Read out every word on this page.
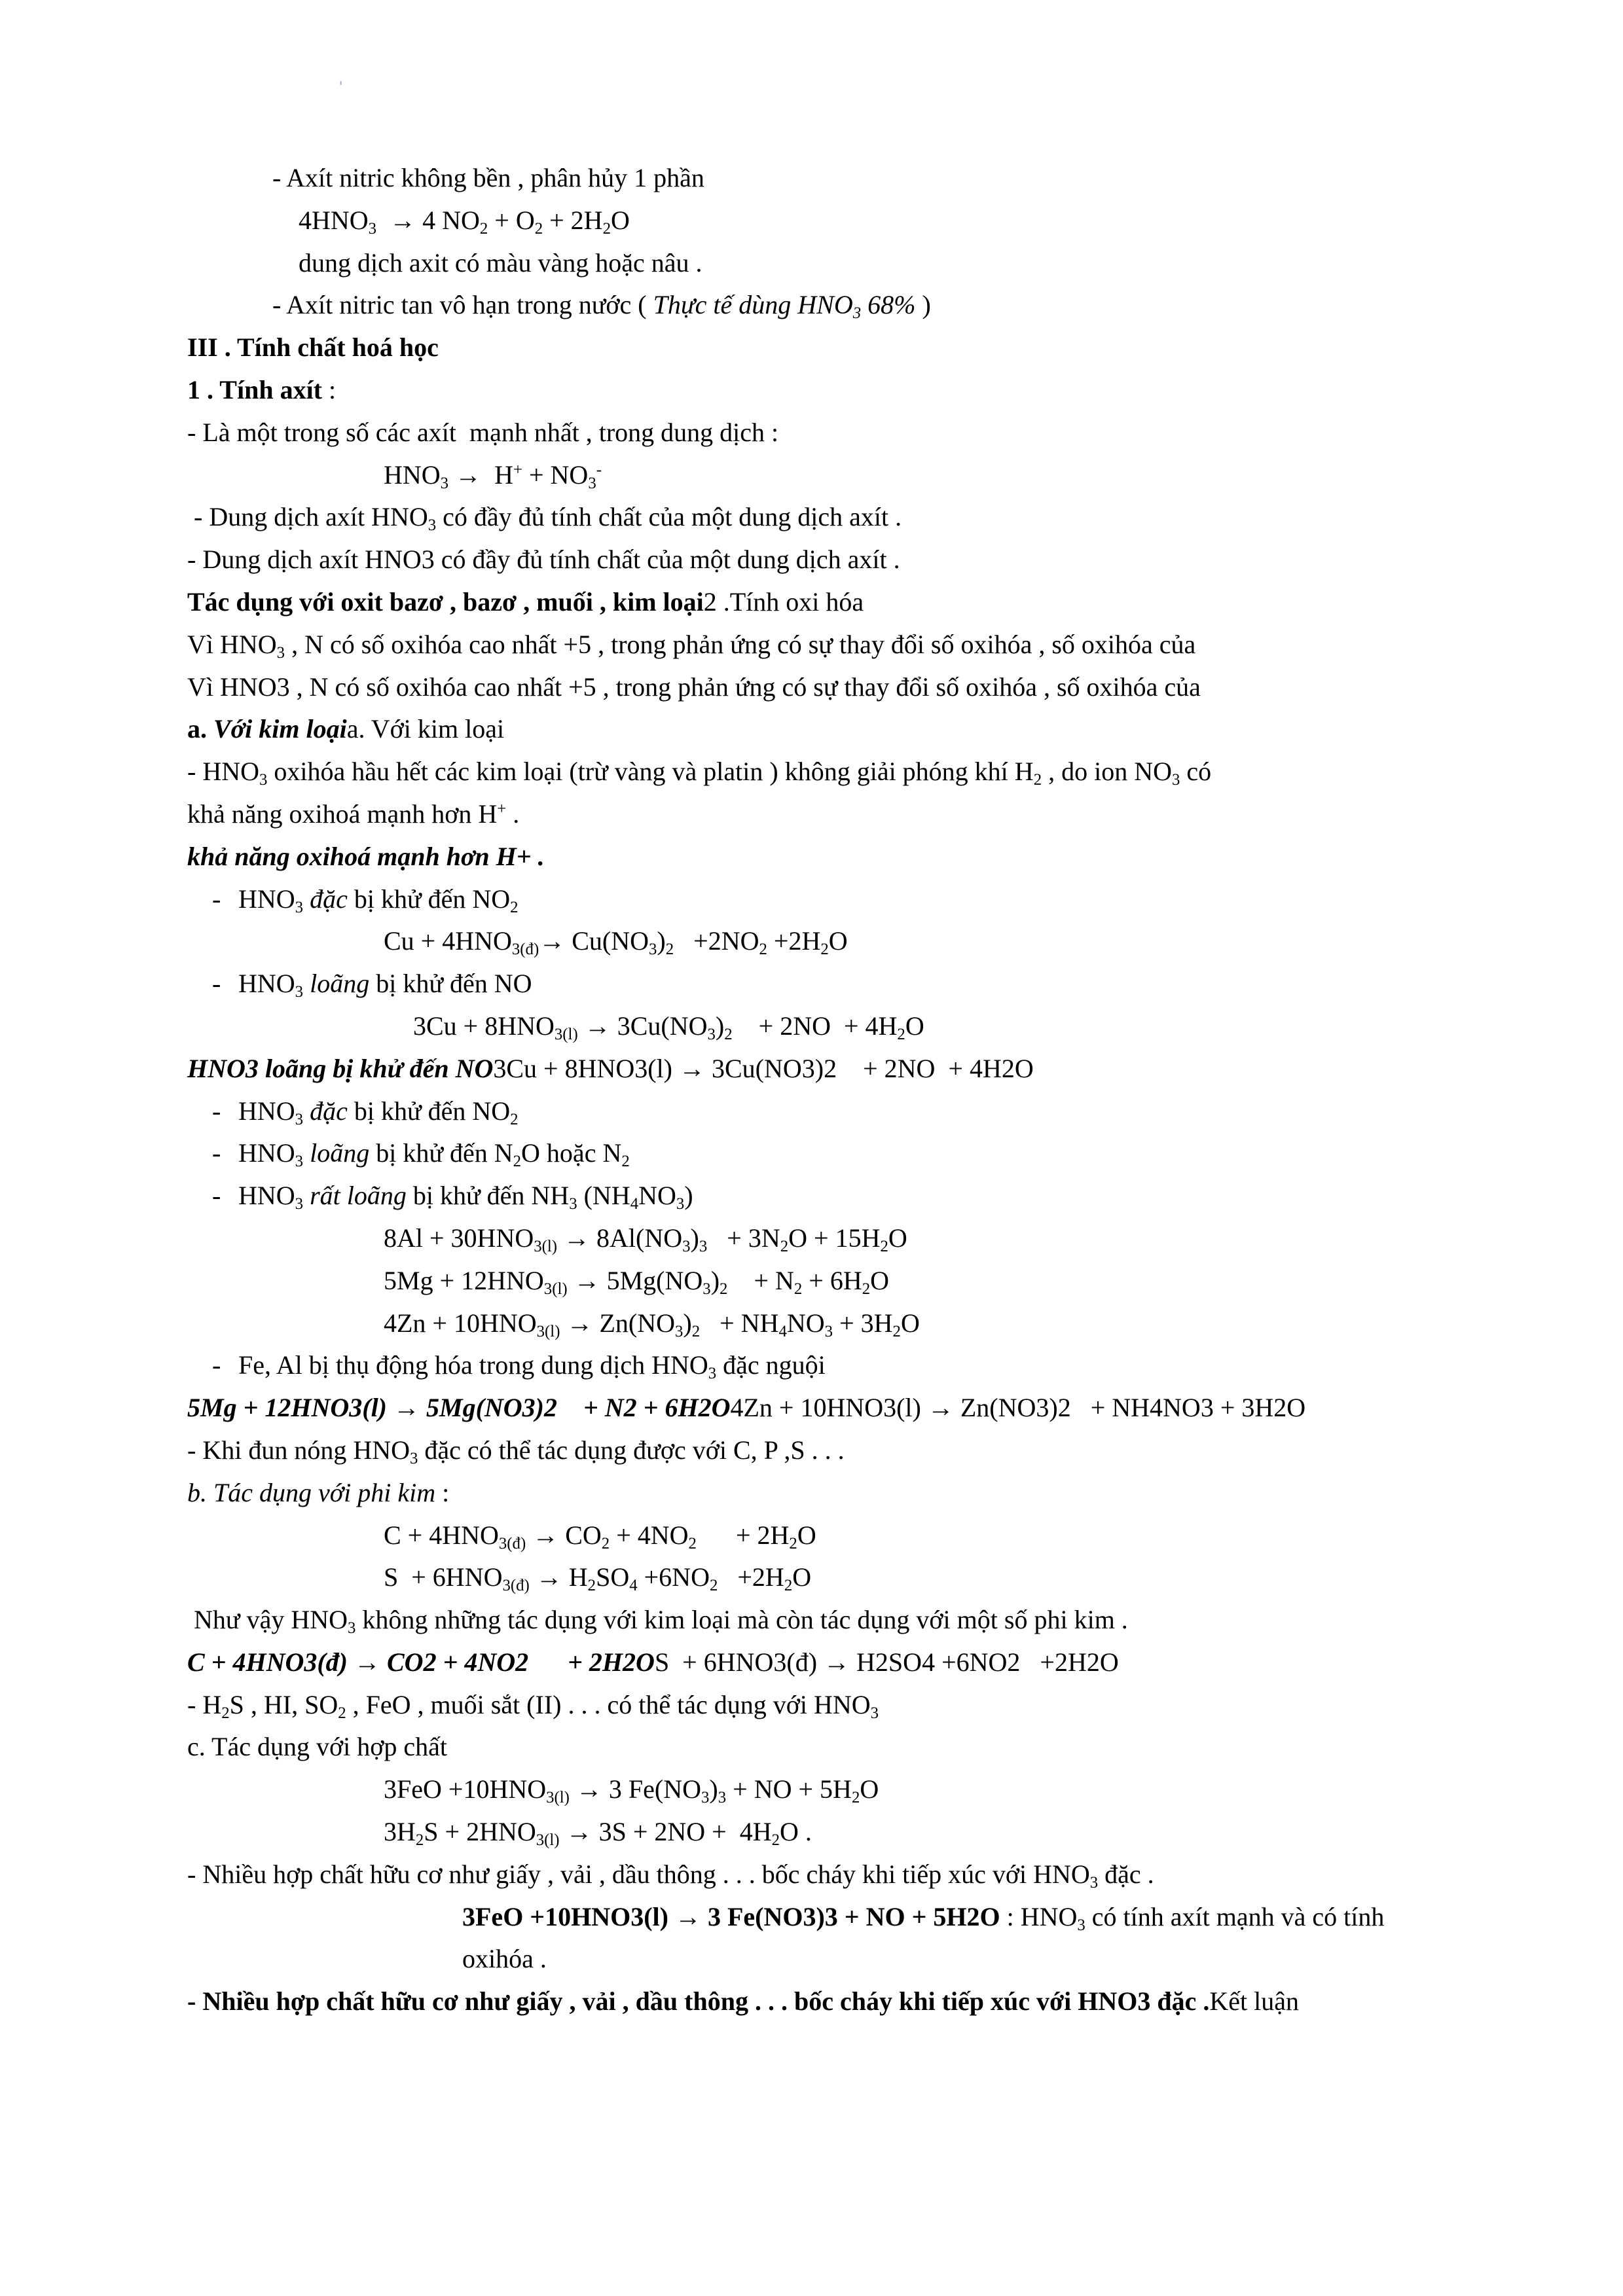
ˌ
- Axít nitric không bền , phân hủy 1 phần
$4HNO_3 \to 4$ $NO_2 + O_2 + 2H_2O$
dung dịch axit có màu vàng hoặc nâu .
- Axít nitric tan vô hạn trong nước ( Thực tế dùng $HNO_3$ 68% )
III . Tính chất hoá học
1 . Tính axít :
- Là một trong số các axít  mạnh nhất , trong dung dịch :
$HNO_3 \to H^+ + NO_3^-$
- Dung dịch axít $HNO_3$ có đầy đủ tính chất của một dung dịch axít .
- Dung dịch axít HNO3 có đầy đủ tính chất của một dung dịch axít .
Tác dụng với oxit bazơ , bazơ , muối , kim loại2 .Tính oxi hóa
Vì $HNO_3$ , N có số oxihóa cao nhất +5 , trong phản ứng có sự thay đổi số oxihóa , số oxihóa của
Vì HNO3 , N có số oxihóa cao nhất +5 , trong phản ứng có sự thay đổi số oxihóa , số oxihóa của
a. Với kim loạia. Với kim loại
- $HNO_3$ oxihóa hầu hết các kim loại (trừ vàng và platin ) không giải phóng khí $H_2$ , do ion $NO_3$ có
khả năng oxihoá mạnh hơn H+ .
khả năng oxihoá mạnh hơn H+ .
- $HNO_3$ đặc bị khử đến $NO_2$
$Cu + 4HNO_{3(đ)}\to Cu(NO_3)_2 +2NO_2 +2H_2O$
- $HNO_3$ loãng bị khử đến NO
$3Cu + 8HNO_{3(l)} \to 3Cu(NO_3)_2$    + $2NO + 4H_2O$
HNO3 loãng bị khử đến NO3Cu + 8HNO3(l) → 3Cu(NO3)2    + 2NO  + 4H2O
- $HNO_3$ đặc bị khử đến $NO_2$
- $HNO_3$ loãng bị khử đến $N_2O$ hoặc $N_2$
- $HNO_3$ rất loãng bị khử đến $NH_3$ $(NH_4NO_3)$
$8Al + 30HNO_{3(l)} \to 8Al(NO_3)_3 + 3N_2O + 15H_2O$
$5Mg + 12HNO_{3(l)} \to 5Mg(NO_3)_2$    + $N_2 + 6H_2O$
$4Zn + 10HNO_{3(l)} \to Zn(NO_3)_2 + NH_4NO_3 + 3H_2O$
- Fe, Al bị thụ động hóa trong dung dịch $HNO_3$ đặc nguội
5Mg + 12HNO3(l) → 5Mg(NO3)2    + N2 + 6H2O4Zn + 10HNO3(l) → Zn(NO3)2   + NH4NO3 + 3H2O
- Khi đun nóng $HNO_3$ đặc có thể tác dụng được với C, P ,S . . .
b. Tác dụng với phi kim :
$C + 4HNO_{3(đ)} \to CO_2 + 4NO_2$      + $2H_2O$
$S + 6HNO_{3(đ)} \to H_2SO_4 +6NO_2 +2H_2O$
Như vậy $HNO_3$ không những tác dụng với kim loại mà còn tác dụng với một số phi kim .
C + 4HNO3(đ) → CO2 + 4NO2      + 2H2OS  + 6HNO3(đ) → H2SO4 +6NO2   +2H2O
- $H_2S$ , HI, $SO_2$ , FeO , muối sắt (II) . . . có thể tác dụng với $HNO_3$
c. Tác dụng với hợp chất
$3FeO +10HNO_{3(l)} \to 3$ $Fe(NO_3)_3$ + NO + $5H_2O$
$3H_2S + 2HNO_{3(l)} \to 3S + 2NO + 4H_2O$ .
- Nhiều hợp chất hữu cơ như giấy , vải , dầu thông . . . bốc cháy khi tiếp xúc với $HNO_3$ đặc .
3FeO +10HNO3(l) → 3 Fe(NO3)3 + NO + 5H2O : $HNO_3$ có tính axít mạnh và có tính oxihóa .
- Nhiều hợp chất hữu cơ như giấy , vải , dầu thông . . . bốc cháy khi tiếp xúc với HNO3 đặc .Kết luận
